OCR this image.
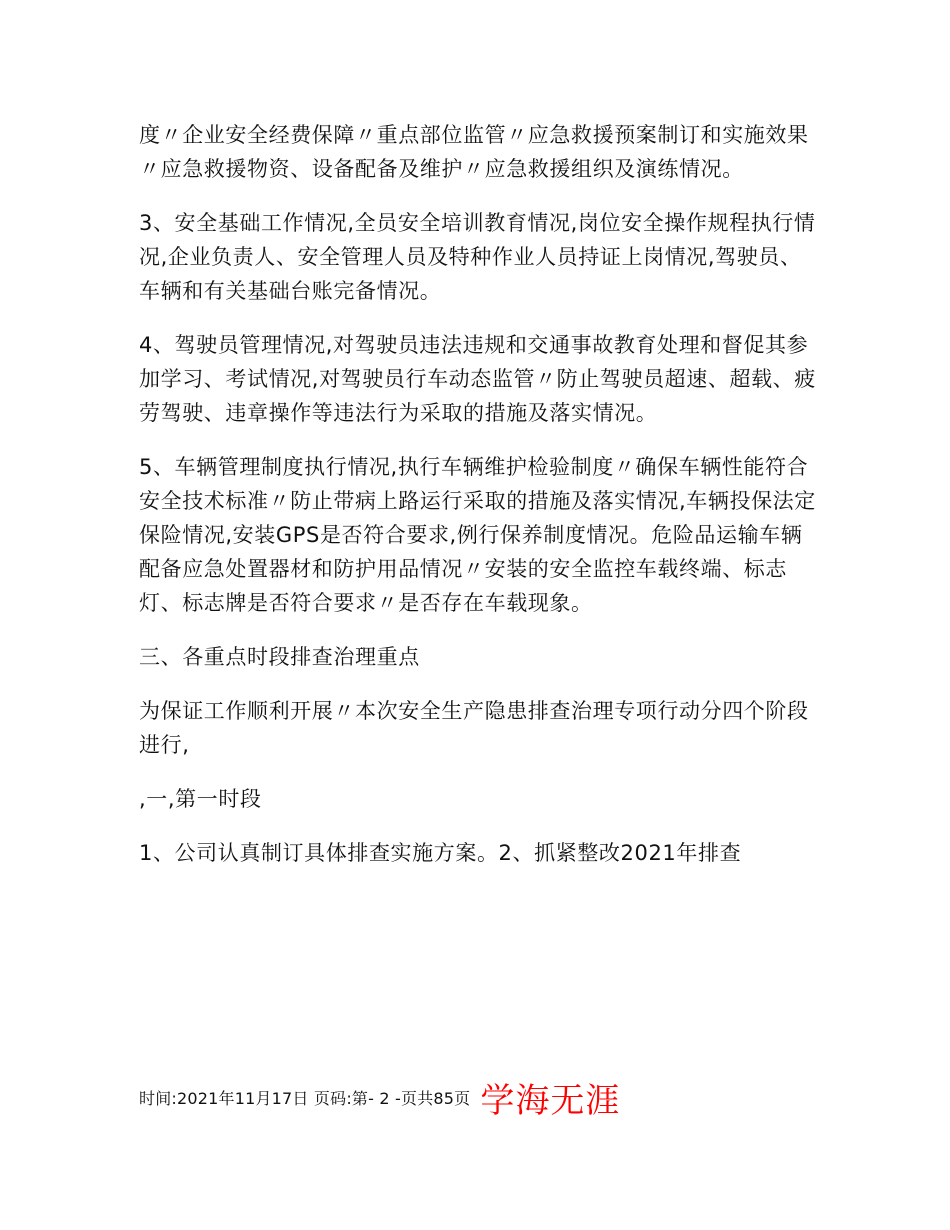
度〃企业安全经费保障〃重点部位监管〃应急救援预案制订和实施效果〃应急救援物资、设备配备及维护〃应急救援组织及演练情况。

3、安全基础工作情况,全员安全培训教育情况,岗位安全操作规程执行情况,企业负责人、安全管理人员及特种作业人员持证上岗情况,驾驶员、车辆和有关基础台账完备情况。

4、驾驶员管理情况,对驾驶员违法违规和交通事故教育处理和督促其参加学习、考试情况,对驾驶员行车动态监管〃防止驾驶员超速、超载、疲劳驾驶、违章操作等违法行为采取的措施及落实情况。

5、车辆管理制度执行情况,执行车辆维护检验制度〃确保车辆性能符合安全技术标准〃防止带病上路运行采取的措施及落实情况,车辆投保法定保险情况,安装GPS是否符合要求,例行保养制度情况。危险品运输车辆配备应急处置器材和防护用品情况〃安装的安全监控车载终端、标志灯、标志牌是否符合要求〃是否存在车载现象。

三、各重点时段排查治理重点

为保证工作顺利开展〃本次安全生产隐患排查治理专项行动分四个阶段进行,

,一,第一时段

1、公司认真制订具体排查实施方案。2、抓紧整改2021年排查

时间:2021年11月17日 页码:第- 2 -页共85页 学海无涯
